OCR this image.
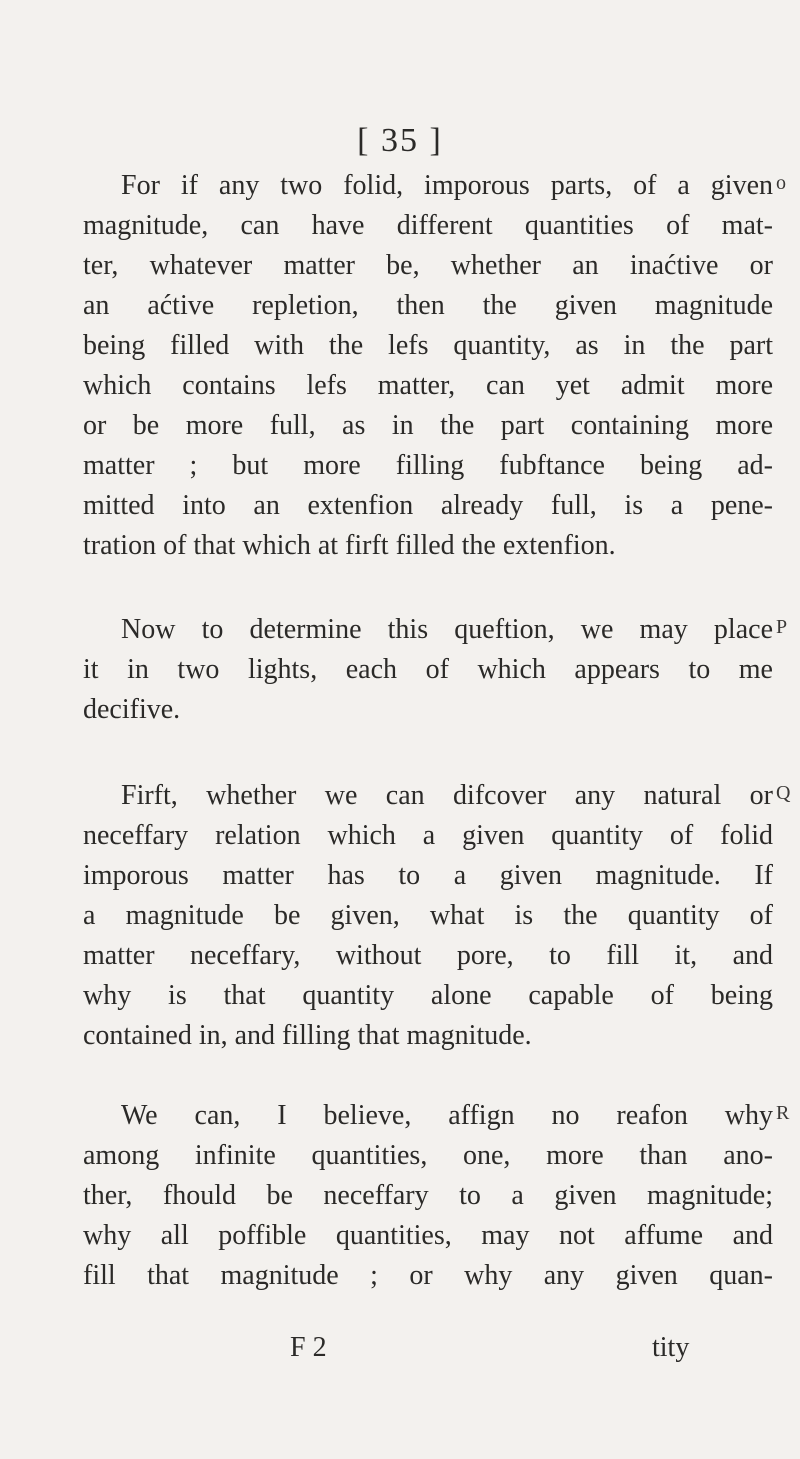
[ 35 ]
For if any two folid, imporous parts, of a given
magnitude, can have different quantities of mat-
ter, whatever matter be, whether an inaćtive or
an aćtive repletion, then the given magnitude
being filled with the lefs quantity, as in the part
which contains lefs matter, can yet admit more
or be more full, as in the part containing more
matter ; but more filling fubftance being ad-
mitted into an extenfion already full, is a pene-
tration of that which at firft filled the extenfion.
Now to determine this queftion, we may place
it in two lights, each of which appears to me
decifive.
Firft, whether we can difcover any natural or
neceffary relation which a given quantity of folid
imporous matter has to a given magnitude. If
a magnitude be given, what is the quantity of
matter neceffary, without pore, to fill it, and
why is that quantity alone capable of being
contained in, and filling that magnitude.
We can, I believe, affign no reafon why
among infinite quantities, one, more than ano-
ther, fhould be neceffary to a given magnitude;
why all poffible quantities, may not affume and
fill that magnitude ; or why any given quan-
o
P
Q
R
F 2	tity
